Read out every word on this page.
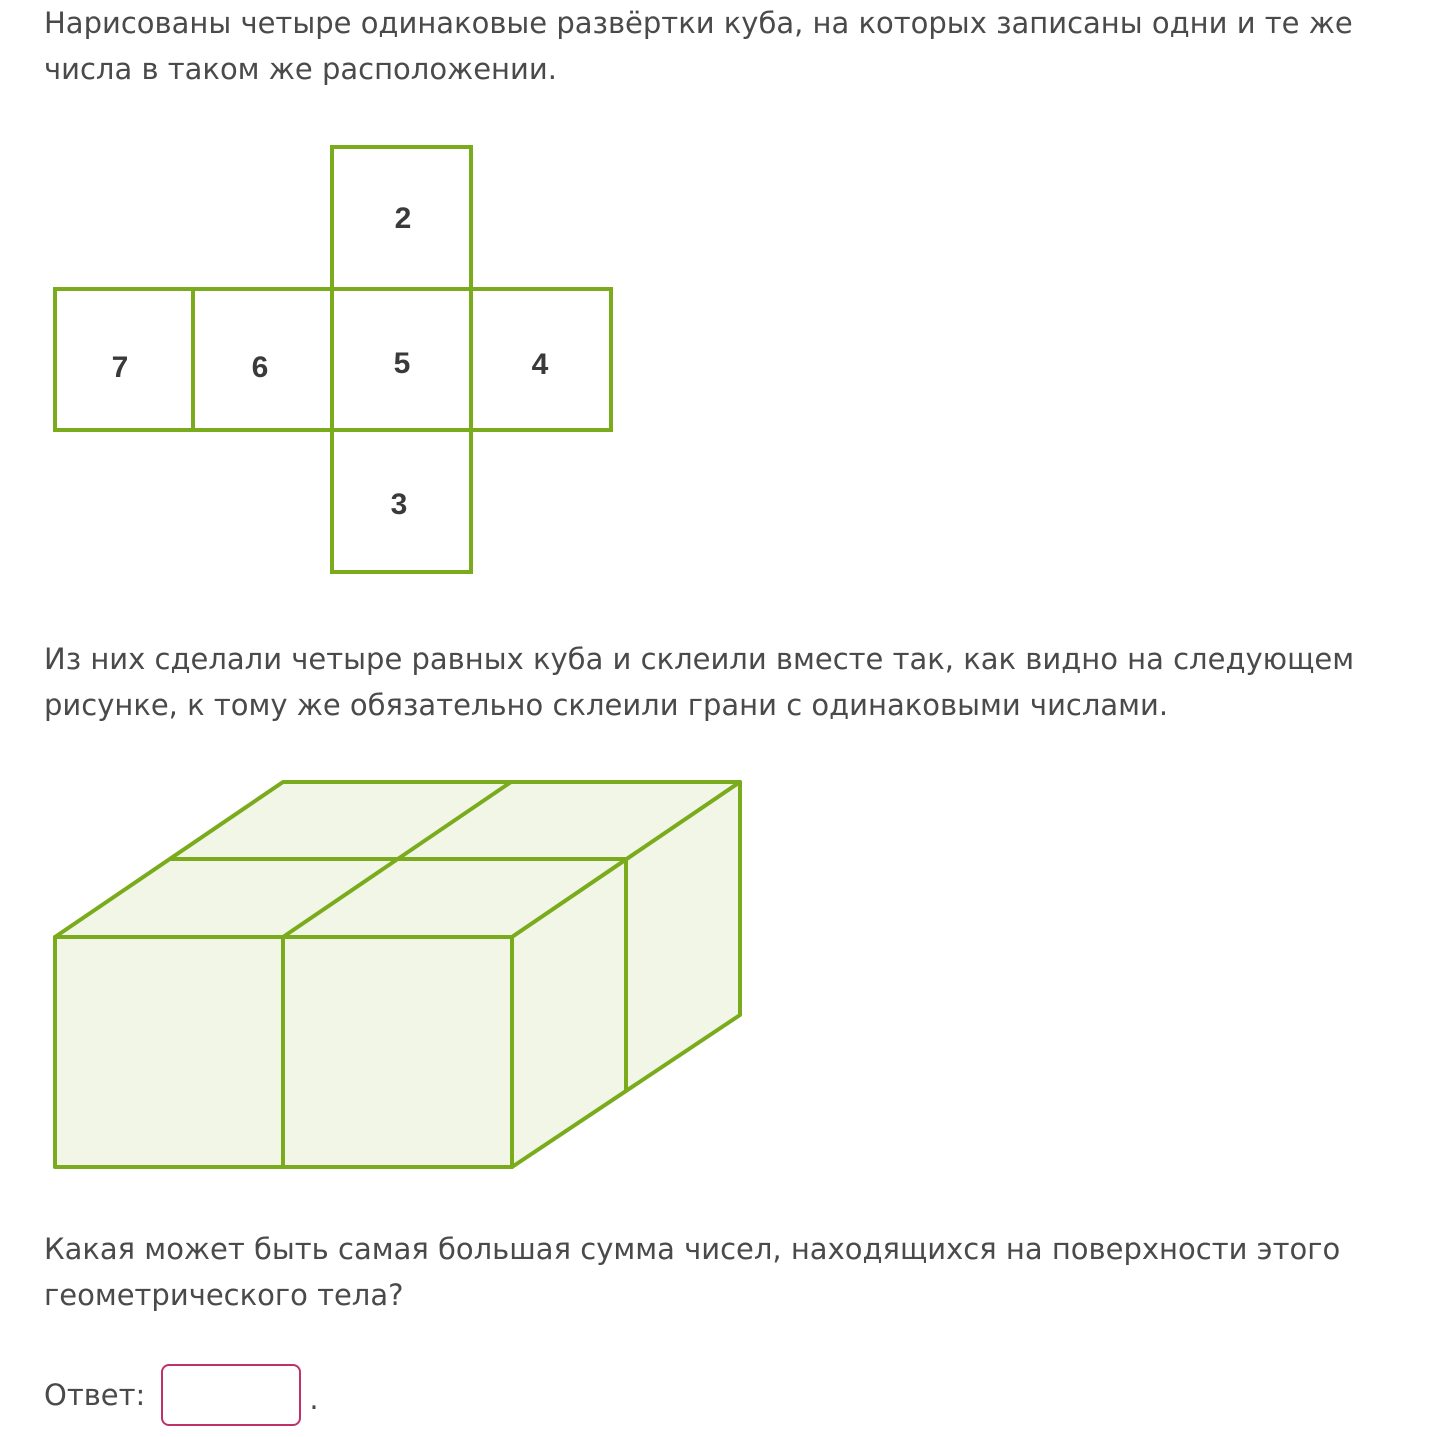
Нарисованы четыре одинаковые развёртки куба, на которых записаны одни и те же числа в таком же расположении.

2
7	6	5	4
3

Из них сделали четыре равных куба и склеили вместе так, как видно на следующем рисунке, к тому же обязательно склеили грани с одинаковыми числами.

Какая может быть самая большая сумма чисел, находящихся на поверхности этого геометрического тела?

Ответ:	.
